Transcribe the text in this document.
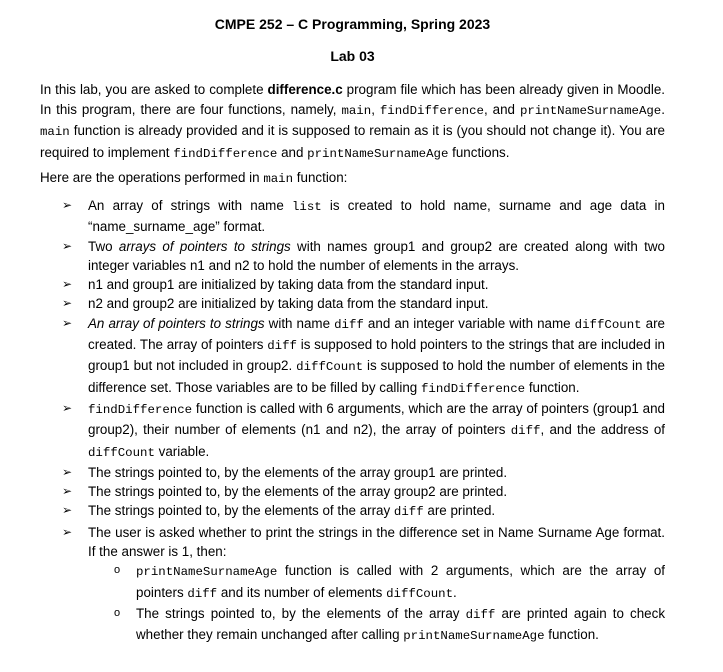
CMPE 252 – C Programming, Spring 2023
Lab 03
In this lab, you are asked to complete difference.c program file which has been already given in Moodle. In this program, there are four functions, namely, main, findDifference, and printNameSurnameAge. main function is already provided and it is supposed to remain as it is (you should not change it). You are required to implement findDifference and printNameSurnameAge functions.
Here are the operations performed in main function:
➢ An array of strings with name list is created to hold name, surname and age data in “name_surname_age” format.
➢ Two arrays of pointers to strings with names group1 and group2 are created along with two integer variables n1 and n2 to hold the number of elements in the arrays.
➢ n1 and group1 are initialized by taking data from the standard input.
➢ n2 and group2 are initialized by taking data from the standard input.
➢ An array of pointers to strings with name diff and an integer variable with name diffCount are created. The array of pointers diff is supposed to hold pointers to the strings that are included in group1 but not included in group2. diffCount is supposed to hold the number of elements in the difference set. Those variables are to be filled by calling findDifference function.
➢ findDifference function is called with 6 arguments, which are the array of pointers (group1 and group2), their number of elements (n1 and n2), the array of pointers diff, and the address of diffCount variable.
➢ The strings pointed to, by the elements of the array group1 are printed.
➢ The strings pointed to, by the elements of the array group2 are printed.
➢ The strings pointed to, by the elements of the array diff are printed.
➢ The user is asked whether to print the strings in the difference set in Name Surname Age format. If the answer is 1, then:
o printNameSurnameAge function is called with 2 arguments, which are the array of pointers diff and its number of elements diffCount.
o The strings pointed to, by the elements of the array diff are printed again to check whether they remain unchanged after calling printNameSurnameAge function.
